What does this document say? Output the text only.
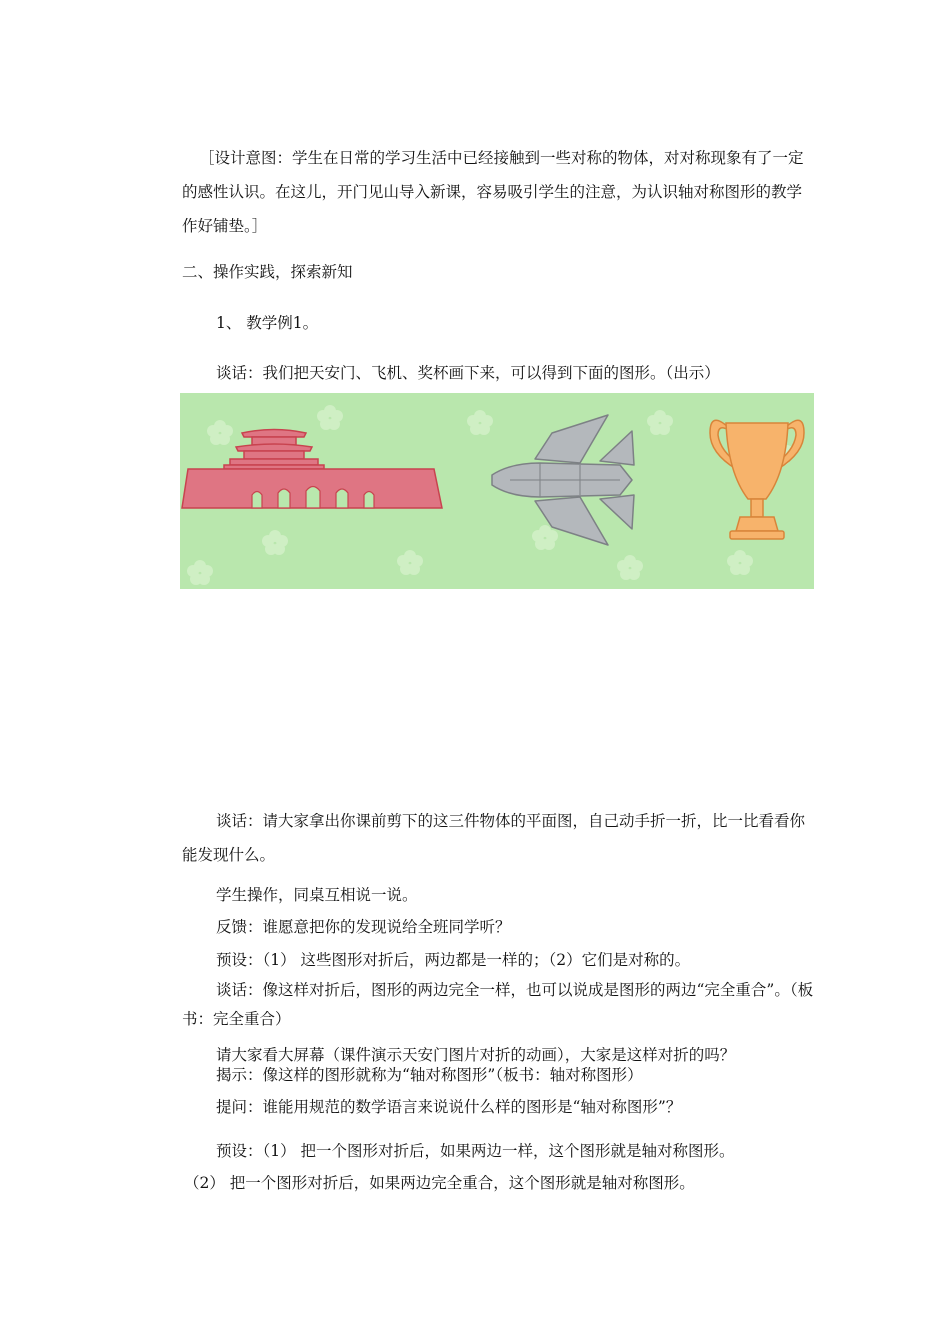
［设计意图：学生在日常的学习生活中已经接触到一些对称的物体，对对称现象有了一定的感性认识。在这儿，开门见山导入新课，容易吸引学生的注意，为认识轴对称图形的教学作好铺垫。］
二、操作实践，探索新知
1、 教学例1。
谈话：我们把天安门、飞机、奖杯画下来，可以得到下面的图形。（出示）
谈话：请大家拿出你课前剪下的这三件物体的平面图，自己动手折一折，比一比看看你能发现什么。
学生操作，同桌互相说一说。
反馈：谁愿意把你的发现说给全班同学听？
预设：（1） 这些图形对折后，两边都是一样的；（2）它们是对称的。
谈话：像这样对折后，图形的两边完全一样，也可以说成是图形的两边“完全重合”。（板书：完全重合）
请大家看大屏幕（课件演示天安门图片对折的动画），大家是这样对折的吗？
揭示：像这样的图形就称为“轴对称图形”（板书：轴对称图形）
提问：谁能用规范的数学语言来说说什么样的图形是“轴对称图形”？
预设：（1） 把一个图形对折后，如果两边一样，这个图形就是轴对称图形。
（2） 把一个图形对折后，如果两边完全重合，这个图形就是轴对称图形。
